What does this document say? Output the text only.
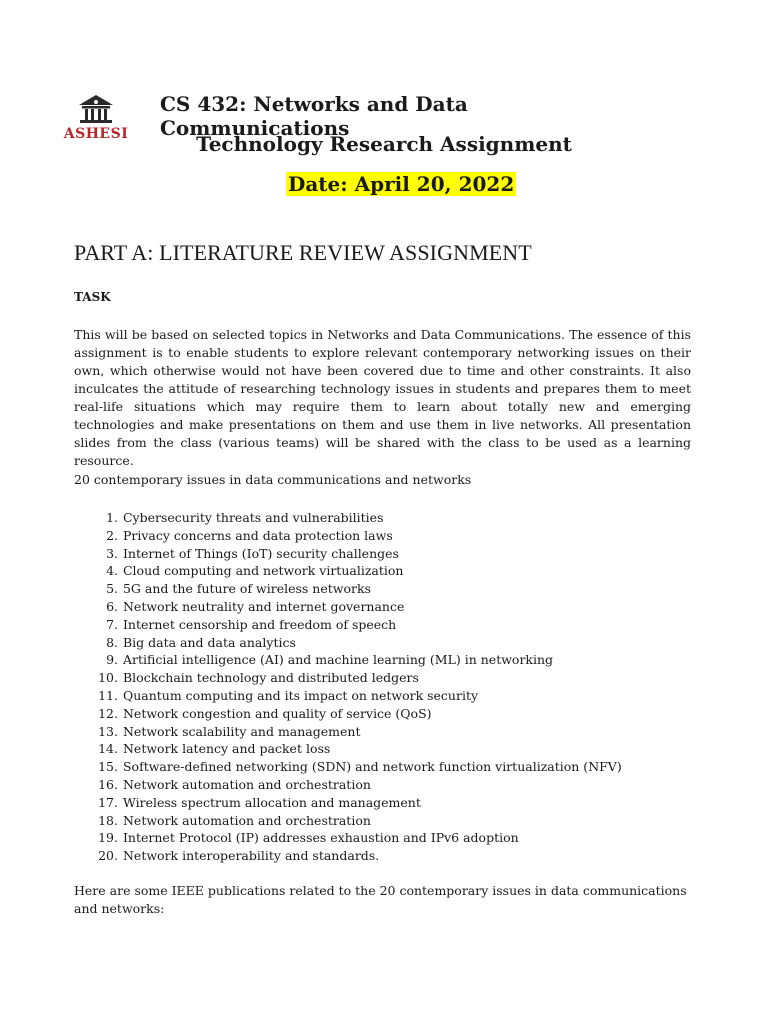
ASHESI
CS 432: Networks and Data Communications
Technology Research Assignment
Date: April 20, 2022
PART A: LITERATURE REVIEW ASSIGNMENT
TASK
This will be based on selected topics in Networks and Data Communications. The essence of this assignment is to enable students to explore relevant contemporary networking issues on their own, which otherwise would not have been covered due to time and other constraints. It also inculcates the attitude of researching technology issues in students and prepares them to meet real-life situations which may require them to learn about totally new and emerging technologies and make presentations on them and use them in live networks. All presentation slides from the class (various teams) will be shared with the class to be used as a learning resource.
20 contemporary issues in data communications and networks
1. Cybersecurity threats and vulnerabilities
2. Privacy concerns and data protection laws
3. Internet of Things (IoT) security challenges
4. Cloud computing and network virtualization
5. 5G and the future of wireless networks
6. Network neutrality and internet governance
7. Internet censorship and freedom of speech
8. Big data and data analytics
9. Artificial intelligence (AI) and machine learning (ML) in networking
10. Blockchain technology and distributed ledgers
11. Quantum computing and its impact on network security
12. Network congestion and quality of service (QoS)
13. Network scalability and management
14. Network latency and packet loss
15. Software-defined networking (SDN) and network function virtualization (NFV)
16. Network automation and orchestration
17. Wireless spectrum allocation and management
18. Network automation and orchestration
19. Internet Protocol (IP) addresses exhaustion and IPv6 adoption
20. Network interoperability and standards.
Here are some IEEE publications related to the 20 contemporary issues in data communications and networks:
